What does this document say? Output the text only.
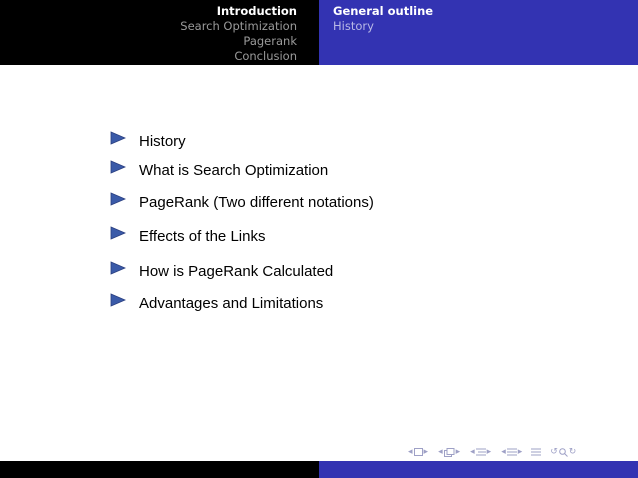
Introduction
Search Optimization
Pagerank
Conclusion
General outline
History
History
What is Search Optimization
PageRank (Two different notations)
Effects of the Links
How is PageRank Calculated
Advantages and Limitations
◂ ▸ ◂ ▸ ◂ ▸ ◂ ▸	↺ ↻
